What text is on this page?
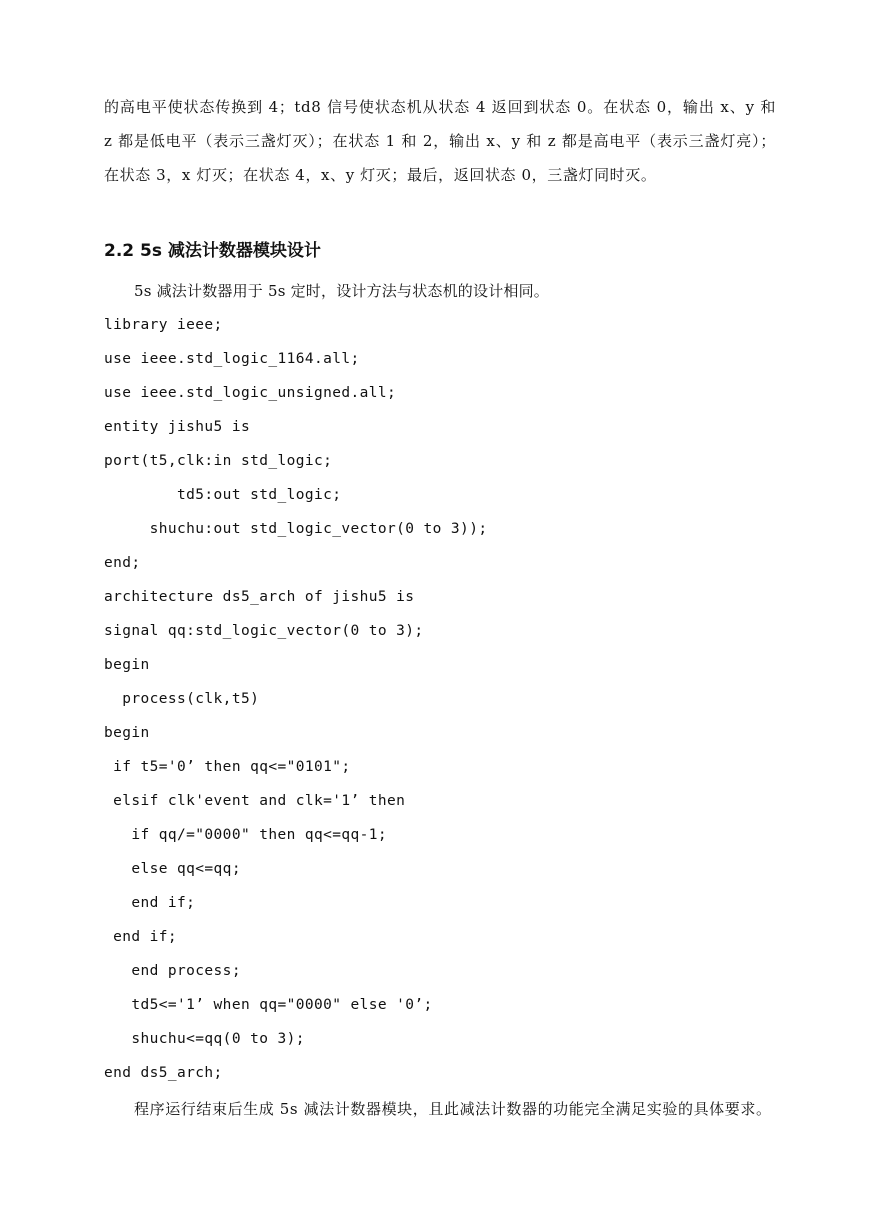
的高电平使状态传换到 4；td8 信号使状态机从状态 4 返回到状态 0。在状态 0，输出 x、y 和 z 都是低电平（表示三盏灯灭）；在状态 1 和 2，输出 x、y 和 z 都是高电平（表示三盏灯亮）；在状态 3，x 灯灭；在状态 4，x、y 灯灭；最后，返回状态 0，三盏灯同时灭。
2.2 5s 减法计数器模块设计
5s 减法计数器用于 5s 定时，设计方法与状态机的设计相同。
library ieee;
use ieee.std_logic_1164.all;
use ieee.std_logic_unsigned.all;
entity jishu5 is
port(t5,clk:in std_logic;
td5:out std_logic;
shuchu:out std_logic_vector(0 to 3));
end;
architecture ds5_arch of jishu5 is
signal qq:std_logic_vector(0 to 3);
begin
process(clk,t5)
begin
if t5='0’ then qq<="0101";
elsif clk'event and clk='1’ then
if qq/="0000" then qq<=qq-1;
else qq<=qq;
end if;
end if;
end process;
td5<='1’ when qq="0000" else '0’;
shuchu<=qq(0 to 3);
end ds5_arch;
程序运行结束后生成 5s 减法计数器模块，且此减法计数器的功能完全满足实验的具体要求。
